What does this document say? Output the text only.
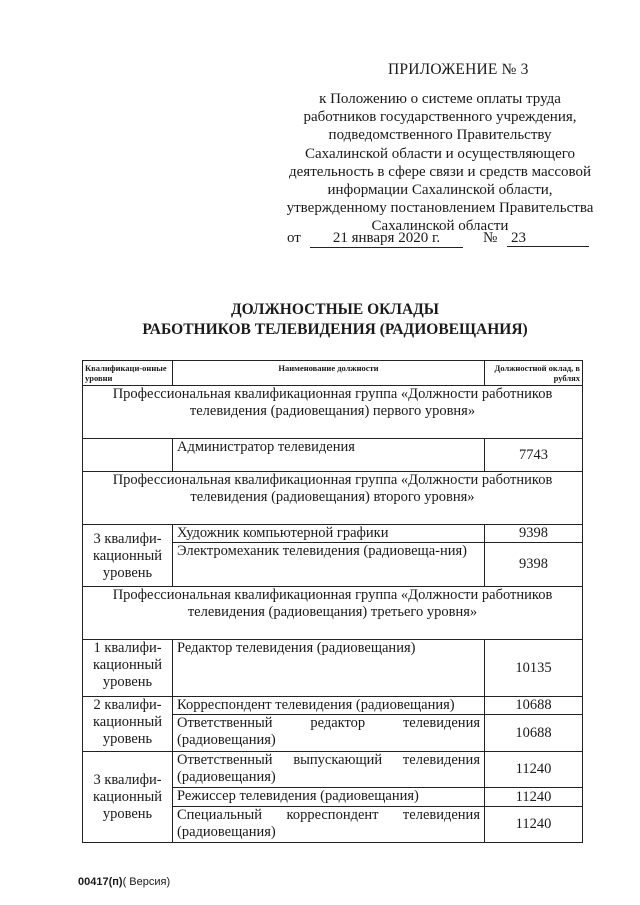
ПРИЛОЖЕНИЕ № 3
к Положению о системе оплаты труда
работников государственного учреждения,
подведомственного Правительству
Сахалинской области и осуществляющего
деятельность в сфере связи и средств массовой
информации Сахалинской области,
утвержденному постановлением Правительства
Сахалинской области
от	21 января 2020 г.	№ 23
ДОЛЖНОСТНЫЕ ОКЛАДЫ
РАБОТНИКОВ ТЕЛЕВИДЕНИЯ (РАДИОВЕЩАНИЯ)
Квалификаци-онные уровни	Наименование должности	Должностной оклад, в рублях

Профессиональная квалификационная группа «Должности работников
телевидения (радиовещания) первого уровня»		

	Администратор телевидения	7743

Профессиональная квалификационная группа «Должности работников
телевидения (радиовещания) второго уровня»		

3 квалифи-кационный уровень	Художник компьютерной графики	9398
	Электромеханик телевидения (радиовеща-ния)	9398

Профессиональная квалификационная группа «Должности работников
телевидения (радиовещания) третьего уровня»		

1 квалифи-кационный уровень	Редактор телевидения (радиовещания)	10135
2 квалифи-кационный уровень	Корреспондент телевидения (радиовещания)	10688
	Ответственный редактор телевидения (радиовещания)	10688
3 квалифи-кационный уровень	Ответственный выпускающий телевидения (радиовещания)	11240
	Режиссер телевидения (радиовещания)	11240
	Специальный корреспондент телевидения (радиовещания)	11240
00417(п)( Версия)
